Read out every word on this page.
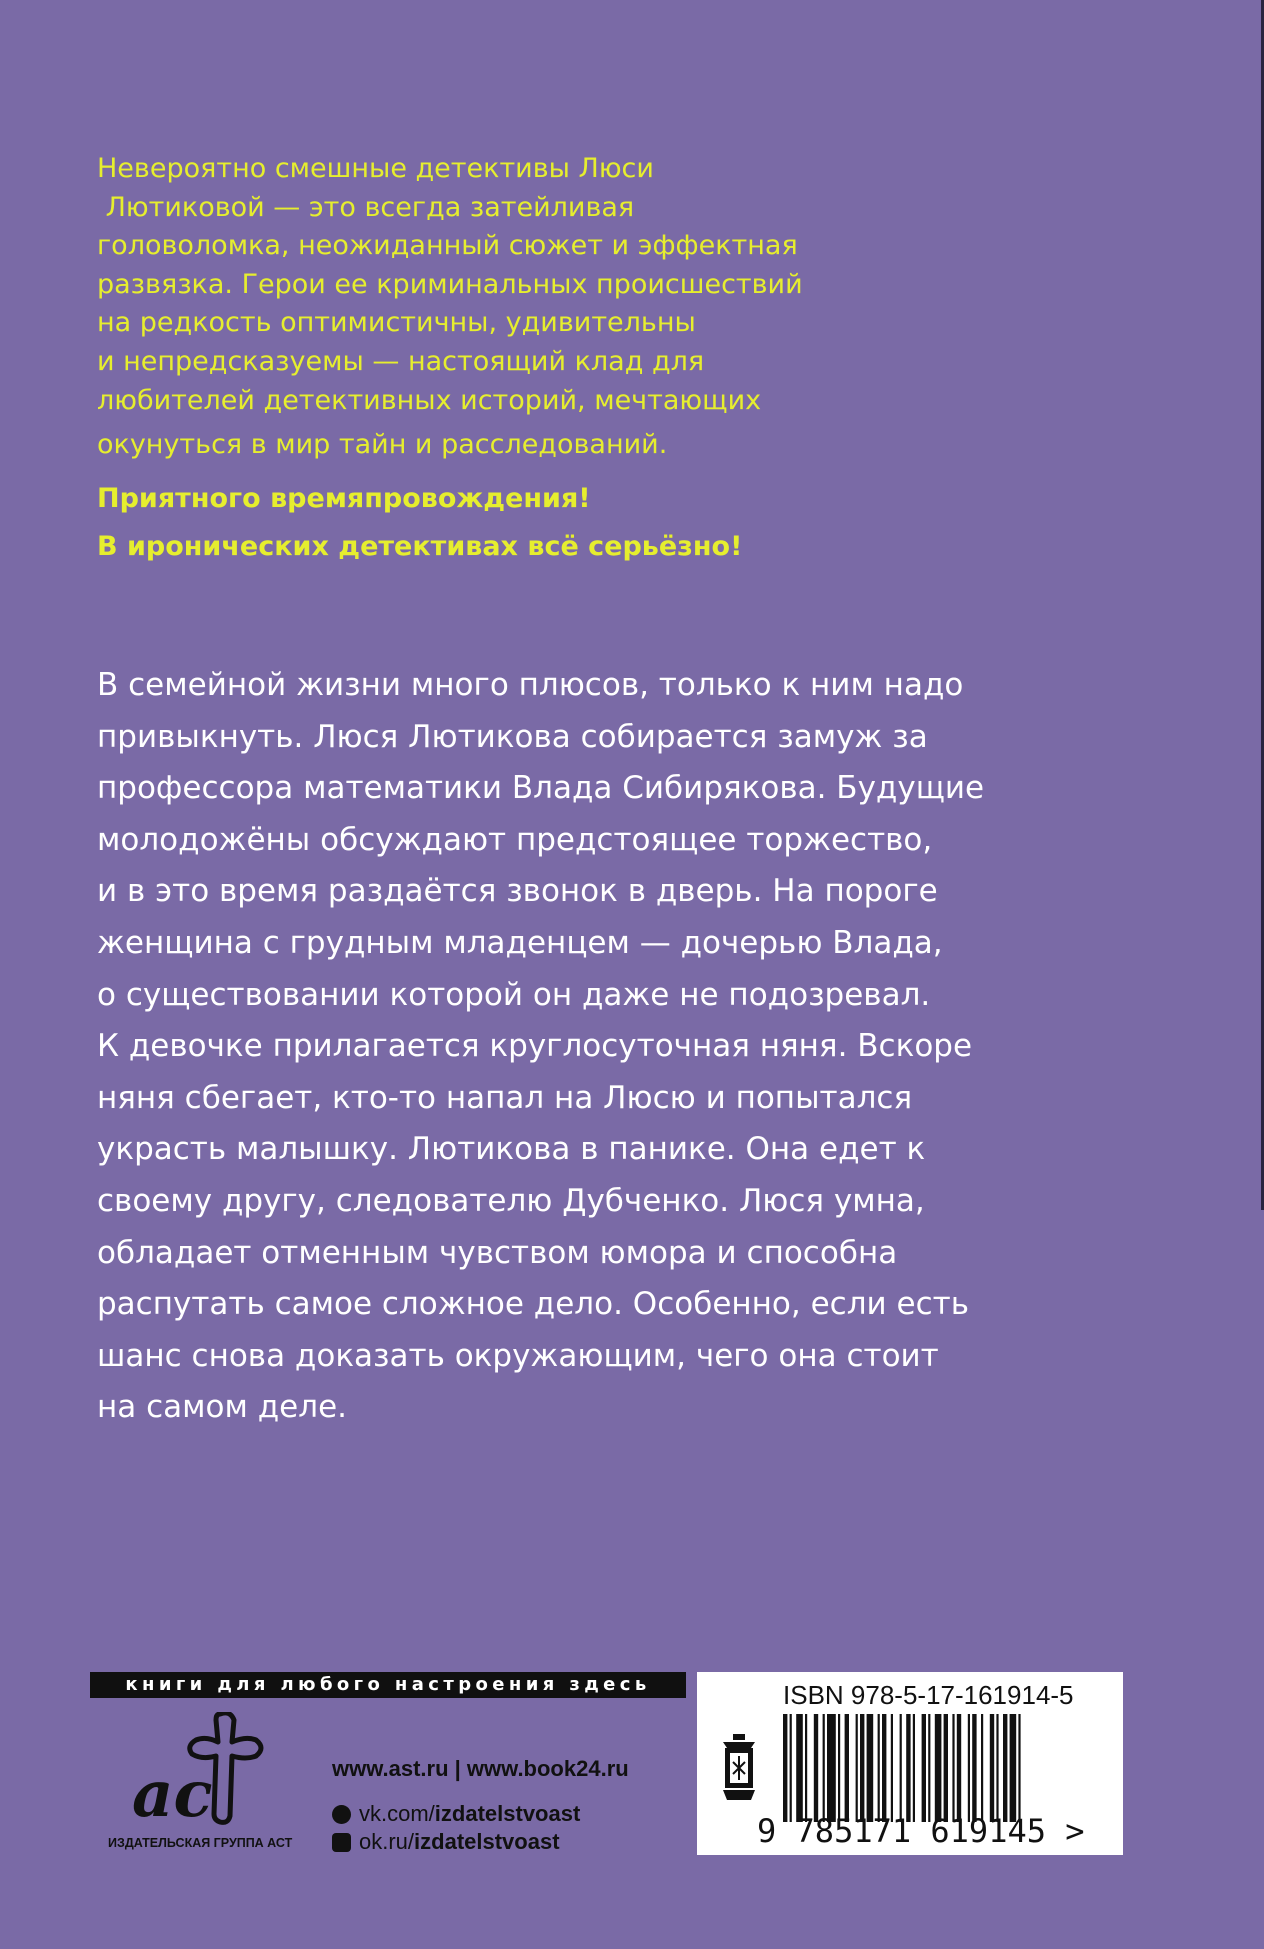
Невероятно смешные детективы Люси

Лютиковой — это всегда затейливая

головоломка, неожиданный сюжет и эффектная

развязка. Герои ее криминальных происшествий

на редкость оптимистичны, удивительны

и непредсказуемы — настоящий клад для

любителей детективных историй, мечтающих

окунуться в мир тайн и расследований.

Приятного времяпровождения!

В иронических детективах всё серьёзно!

В семейной жизни много плюсов, только к ним надо
привыкнуть. Люся Лютикова собирается замуж за
профессора математики Влада Сибирякова. Будущие
молодожёны обсуждают предстоящее торжество,
и в это время раздаётся звонок в дверь. На пороге
женщина с грудным младенцем — дочерью Влада,
о существовании которой он даже не подозревал.
К девочке прилагается круглосуточная няня. Вскоре
няня сбегает, кто-то напал на Люсю и попытался
украсть малышку. Лютикова в панике. Она едет к
своему другу, следователю Дубченко. Люся умна,
обладает отменным чувством юмора и способна
распутать самое сложное дело. Особенно, если есть
шанс снова доказать окружающим, чего она стоит
на самом деле.
книги для любого настроения здесь
ac
ИЗДАТЕЛЬСКАЯ ГРУППА АСТ
www.ast.ru | www.book24.ru
vk.com/ izdatelstvoast
ok.ru/ izdatelstvoast
ISBN 978-5-17-161914-5
9 785171 619145 >
